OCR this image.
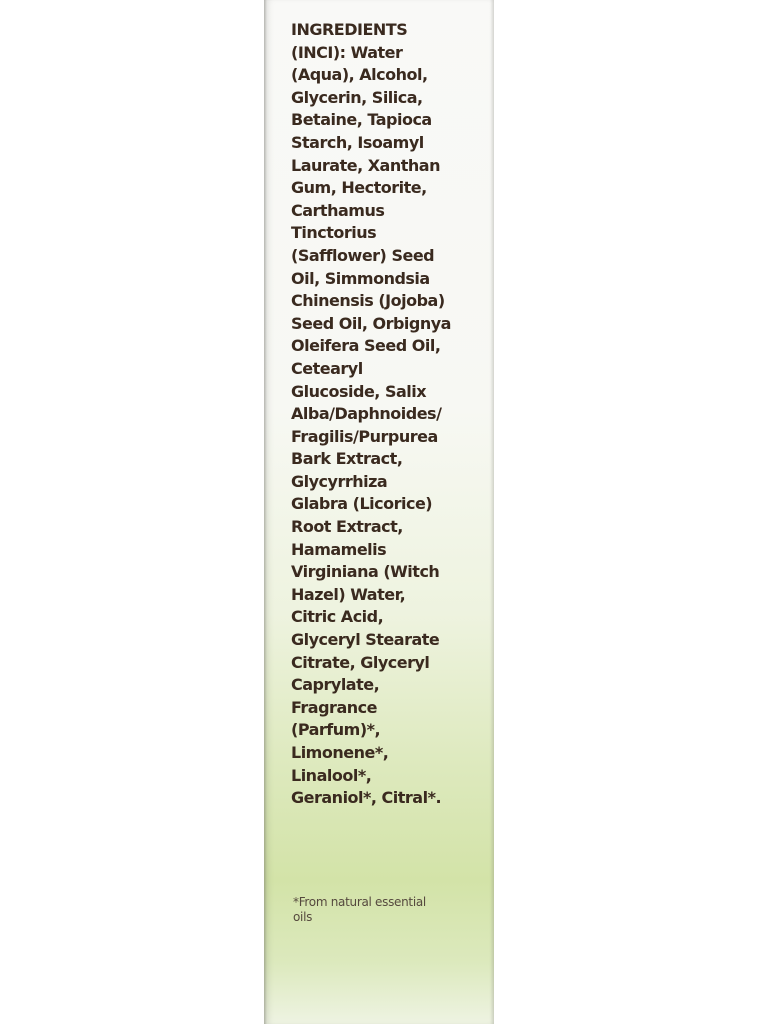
INGREDIENTS
(INCI): Water
(Aqua), Alcohol,
Glycerin, Silica,
Betaine, Tapioca
Starch, Isoamyl
Laurate, Xanthan
Gum, Hectorite,
Carthamus
Tinctorius
(Safflower) Seed
Oil, Simmondsia
Chinensis (Jojoba)
Seed Oil, Orbignya
Oleifera Seed Oil,
Cetearyl
Glucoside, Salix
Alba/Daphnoides/
Fragilis/Purpurea
Bark Extract,
Glycyrrhiza
Glabra (Licorice)
Root Extract,
Hamamelis
Virginiana (Witch
Hazel) Water,
Citric Acid,
Glyceryl Stearate
Citrate, Glyceryl
Caprylate,
Fragrance
(Parfum)*,
Limonene*,
Linalool*,
Geraniol*, Citral*.
*From natural essential
oils
